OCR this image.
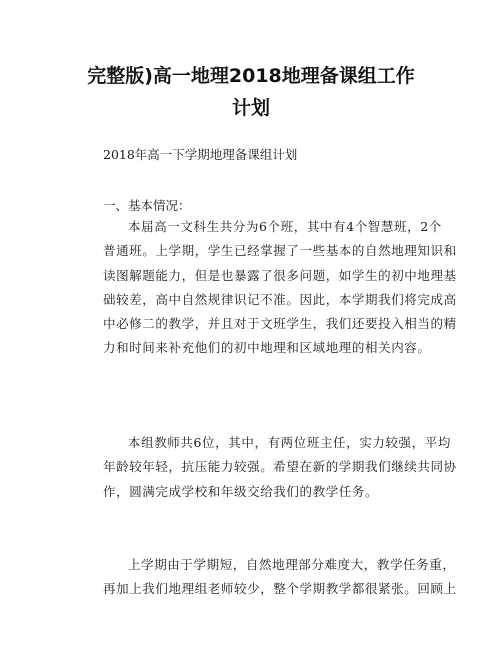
完整版)高一地理2018地理备课组工作计划
2018年高一下学期地理备课组计划
一、基本情况：
本届高一文科生共分为6个班，其中有4个智慧班，2个
普通班。上学期，学生已经掌握了一些基本的自然地理知识和
读图解题能力，但是也暴露了很多问题，如学生的初中地理基
础较差，高中自然规律识记不准。因此，本学期我们将完成高
中必修二的教学，并且对于文班学生，我们还要投入相当的精
力和时间来补充他们的初中地理和区域地理的相关内容。
本组教师共6位，其中，有两位班主任，实力较强，平均
年龄较年轻，抗压能力较强。希望在新的学期我们继续共同协
作，圆满完成学校和年级交给我们的教学任务。
上学期由于学期短，自然地理部分难度大，教学任务重，
再加上我们地理组老师较少，整个学期教学都很紧张。回顾上
